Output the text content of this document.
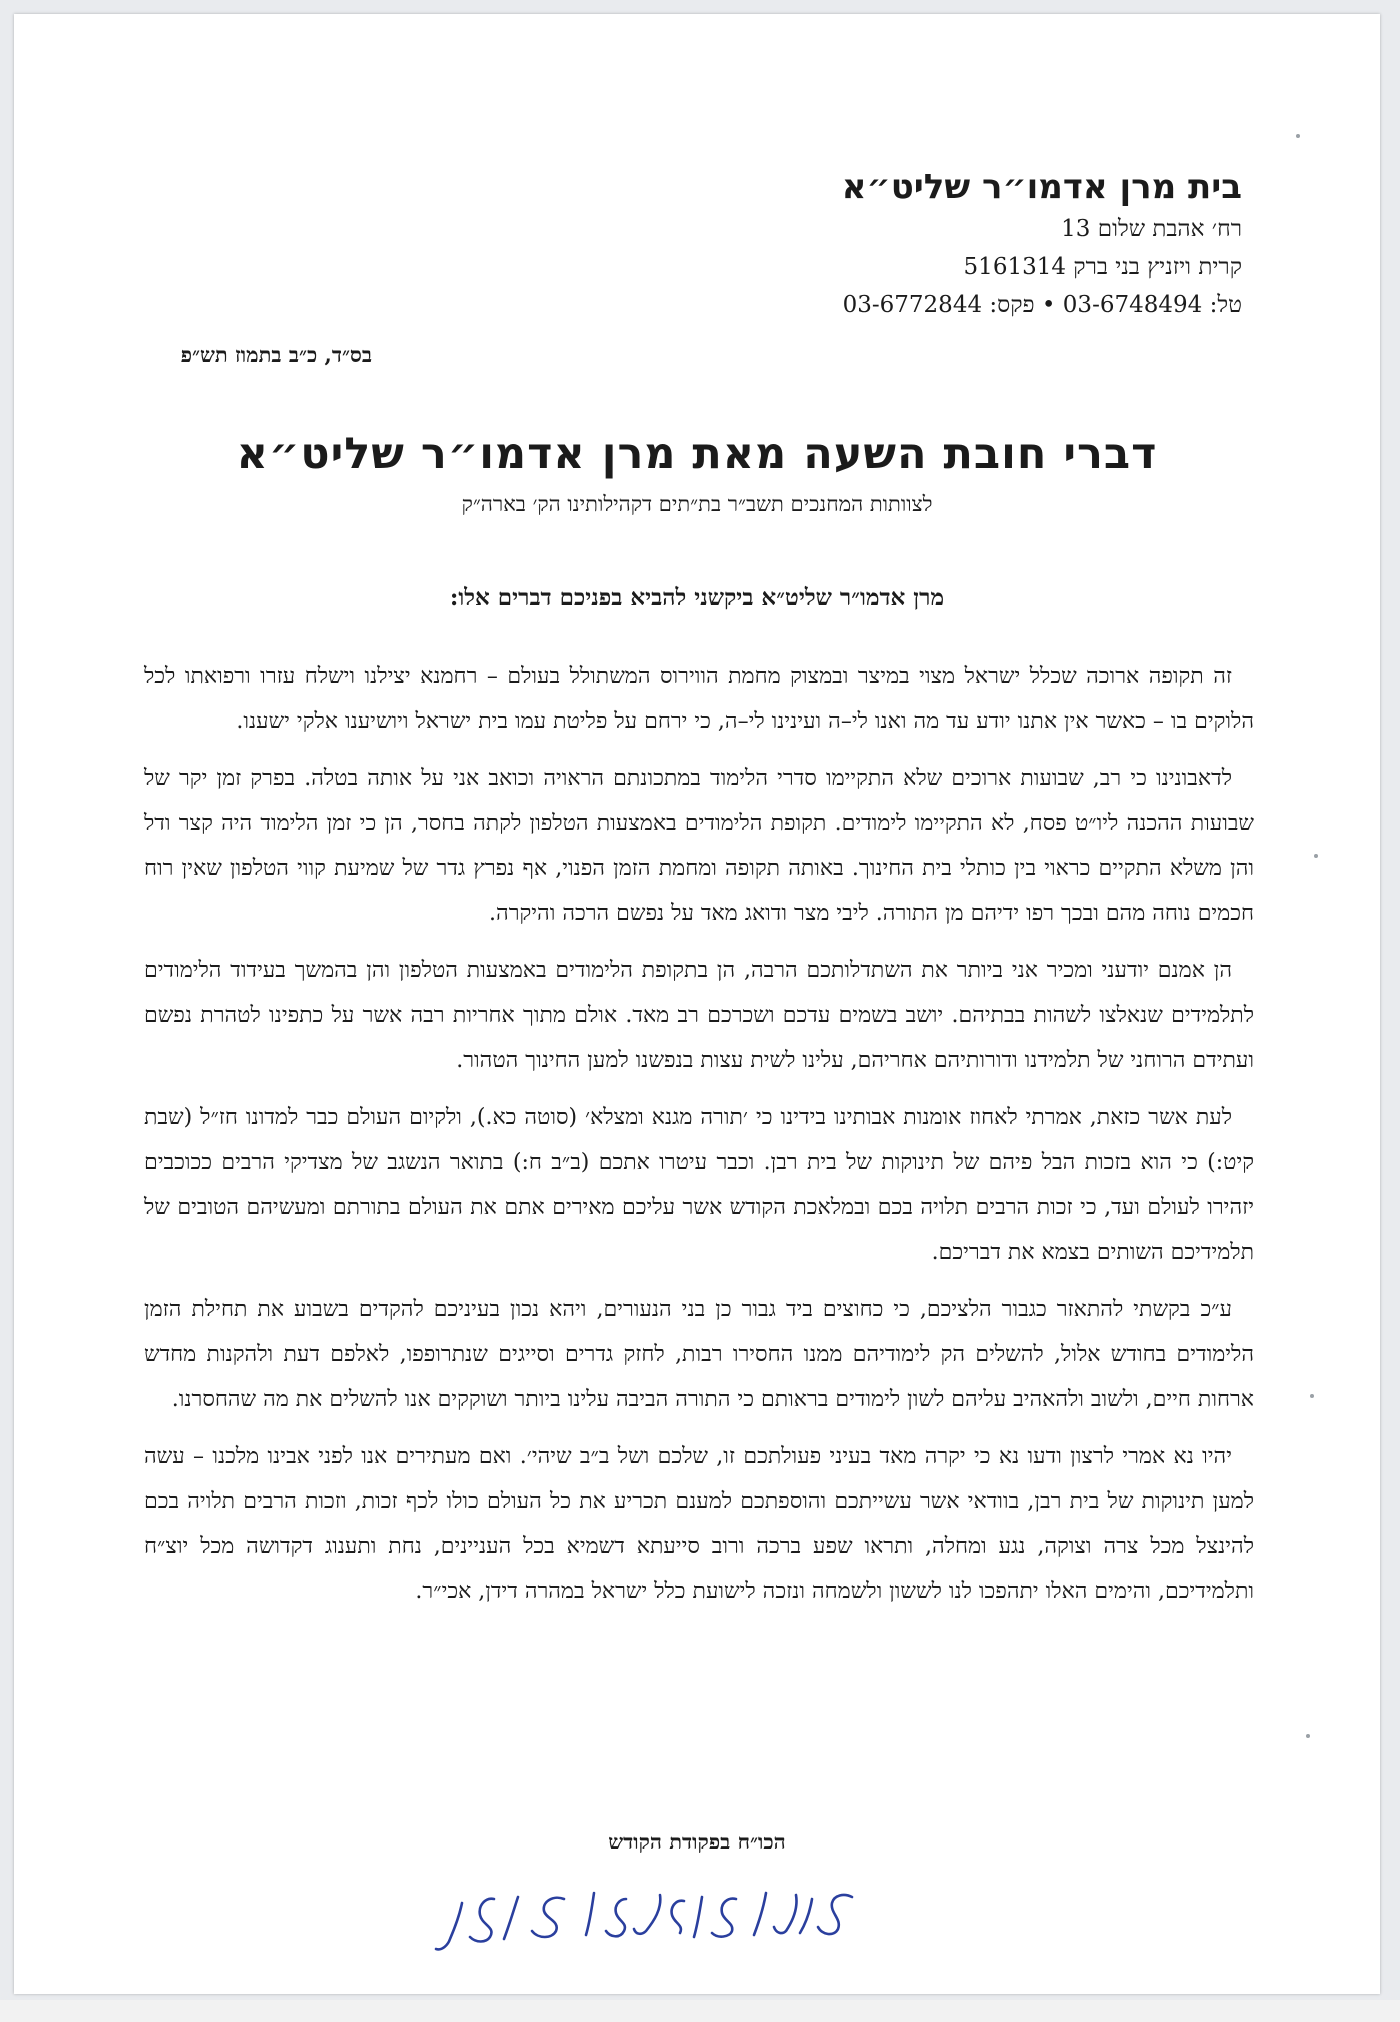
בית מרן אדמו״ר שליט״א
רח׳ אהבת שלום 13
קרית ויזניץ בני ברק 5161314
טל: 03-6748494 • פקס: 03-6772844
בס״ד, כ״ב בתמוז תש״פ
דברי חובת השעה מאת מרן אדמו״ר שליט״א
לצוותות המחנכים תשב״ר בת״תים דקהילותינו הק׳ בארה״ק
מרן אדמו״ר שליט״א ביקשני להביא בפניכם דברים אלו:

זה תקופה ארוכה שכלל ישראל מצוי במיצר ובמצוק מחמת הווירוס המשתולל בעולם – רחמנא יצילנו וישלח עזרו ורפואתו לכל הלוקים בו – כאשר אין אתנו יודע עד מה ואנו לי–ה ועינינו לי–ה, כי ירחם על פליטת עמו בית ישראל ויושיענו אלקי ישענו.

לדאבונינו כי רב, שבועות ארוכים שלא התקיימו סדרי הלימוד במתכונתם הראויה וכואב אני על אותה בטלה. בפרק זמן יקר של שבועות ההכנה ליו״ט פסח, לא התקיימו לימודים. תקופת הלימודים באמצעות הטלפון לקתה בחסר, הן כי זמן הלימוד היה קצר ודל והן משלא התקיים כראוי בין כותלי בית החינוך. באותה תקופה ומחמת הזמן הפנוי, אף נפרץ גדר של שמיעת קווי הטלפון שאין רוח חכמים נוחה מהם ובכך רפו ידיהם מן התורה. ליבי מצר ודואג מאד על נפשם הרכה והיקרה.

הן אמנם יודעני ומכיר אני ביותר את השתדלותכם הרבה, הן בתקופת הלימודים באמצעות הטלפון והן בהמשך בעידוד הלימודים לתלמידים שנאלצו לשהות בבתיהם. יושב בשמים עדכם ושכרכם רב מאד. אולם מתוך אחריות רבה אשר על כתפינו לטהרת נפשם ועתידם הרוחני של תלמידנו ודורותיהם אחריהם, עלינו לשית עצות בנפשנו למען החינוך הטהור.

לעת אשר כזאת, אמרתי לאחוז אומנות אבותינו בידינו כי ׳תורה מגנא ומצלא׳ (סוטה כא.), ולקיום העולם כבר למדונו חז״ל (שבת קיט:) כי הוא בזכות הבל פיהם של תינוקות של בית רבן. וכבר עיטרו אתכם (ב״ב ח:) בתואר הנשגב של מצדיקי הרבים ככוכבים יזהירו לעולם ועד, כי זכות הרבים תלויה בכם ובמלאכת הקודש אשר עליכם מאירים אתם את העולם בתורתם ומעשיהם הטובים של תלמידיכם השותים בצמא את דבריכם.

ע״כ בקשתי להתאזר כגבור הלציכם, כי כחוצים ביד גבור כן בני הנעורים, ויהא נכון בעיניכם להקדים בשבוע את תחילת הזמן הלימודים בחודש אלול, להשלים הק לימודיהם ממנו החסירו רבות, לחזק גדרים וסייגים שנתרופפו, לאלפם דעת ולהקנות מחדש ארחות חיים, ולשוב ולהאהיב עליהם לשון לימודים בראותם כי התורה הביבה עלינו ביותר ושוקקים אנו להשלים את מה שהחסרנו.

יהיו נא אמרי לרצון ודעו נא כי יקרה מאד בעיני פעולתכם זו, שלכם ושל ב״ב שיהי׳. ואם מעתירים אנו לפני אבינו מלכנו – עשה למען תינוקות של בית רבן, בוודאי אשר עשייתכם והוספתכם למענם תכריע את כל העולם כולו לכף זכות, וזכות הרבים תלויה בכם להינצל מכל צרה וצוקה, נגע ומחלה, ותראו שפע ברכה ורוב סייעתא דשמיא בכל העניינים, נחת ותענוג דקדושה מכל יוצ״ח ותלמידיכם, והימים האלו יתהפכו לנו לששון ולשמחה ונזכה לישועת כלל ישראל במהרה דידן, אכי״ר.

הכו״ח בפקודת הקודש
